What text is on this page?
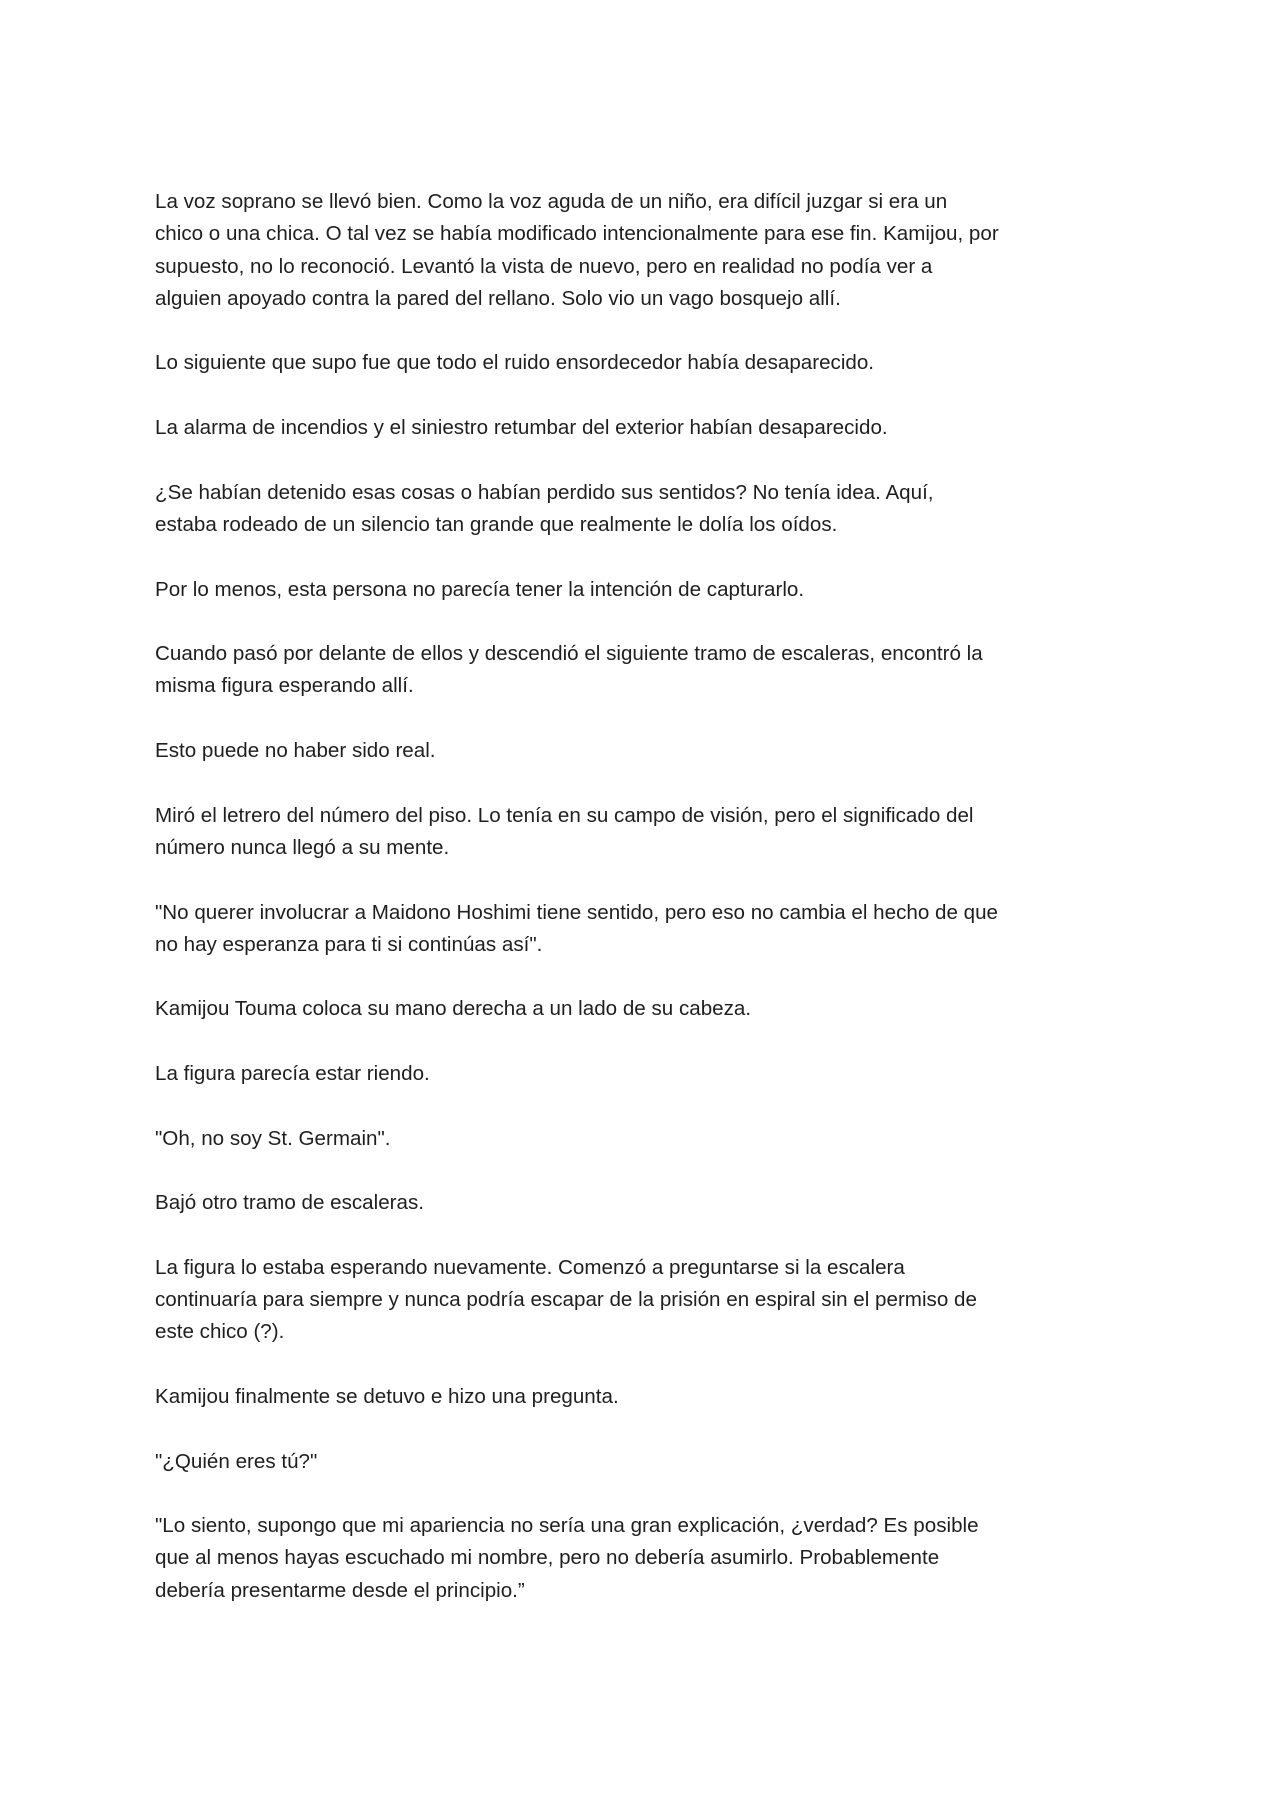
La voz soprano se llevó bien. Como la voz aguda de un niño, era difícil juzgar si era un
chico o una chica. O tal vez se había modificado intencionalmente para ese fin. Kamijou, por
supuesto, no lo reconoció. Levantó la vista de nuevo, pero en realidad no podía ver a
alguien apoyado contra la pared del rellano. Solo vio un vago bosquejo allí.

Lo siguiente que supo fue que todo el ruido ensordecedor había desaparecido.

La alarma de incendios y el siniestro retumbar del exterior habían desaparecido.

¿Se habían detenido esas cosas o habían perdido sus sentidos? No tenía idea. Aquí,
estaba rodeado de un silencio tan grande que realmente le dolía los oídos.

Por lo menos, esta persona no parecía tener la intención de capturarlo.

Cuando pasó por delante de ellos y descendió el siguiente tramo de escaleras, encontró la
misma figura esperando allí.

Esto puede no haber sido real.

Miró el letrero del número del piso. Lo tenía en su campo de visión, pero el significado del
número nunca llegó a su mente.

"No querer involucrar a Maidono Hoshimi tiene sentido, pero eso no cambia el hecho de que
no hay esperanza para ti si continúas así".

Kamijou Touma coloca su mano derecha a un lado de su cabeza.

La figura parecía estar riendo.

"Oh, no soy St. Germain".

Bajó otro tramo de escaleras.

La figura lo estaba esperando nuevamente. Comenzó a preguntarse si la escalera
continuaría para siempre y nunca podría escapar de la prisión en espiral sin el permiso de
este chico (?).

Kamijou finalmente se detuvo e hizo una pregunta.

"¿Quién eres tú?"

"Lo siento, supongo que mi apariencia no sería una gran explicación, ¿verdad? Es posible
que al menos hayas escuchado mi nombre, pero no debería asumirlo. Probablemente
debería presentarme desde el principio.”
